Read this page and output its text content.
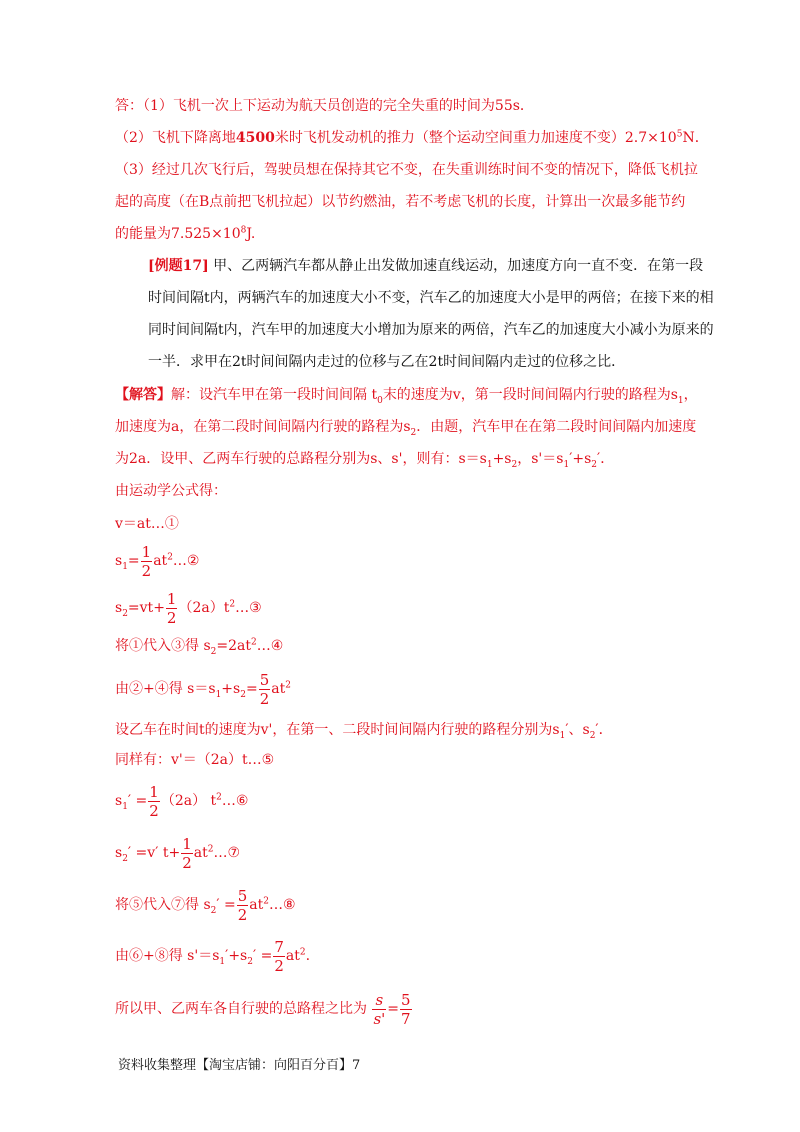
答：（1）飞机一次上下运动为航天员创造的完全失重的时间为55s．
（2）飞机下降离地4500米时飞机发动机的推力（整个运动空间重力加速度不变）$2.7\times 10^5N$．
（3）经过几次飞行后，驾驶员想在保持其它不变，在失重训练时间不变的情况下，降低飞机拉
起的高度（在B点前把飞机拉起）以节约燃油，若不考虑飞机的长度，计算出一次最多能节约
的能量为$7.525\times 10^8J$.
[例题17] 甲、乙两辆汽车都从静止出发做加速直线运动，加速度方向一直不变．在第一段
时间间隔t内，两辆汽车的加速度大小不变，汽车乙的加速度大小是甲的两倍；在接下来的相
同时间间隔t内，汽车甲的加速度大小增加为原来的两倍，汽车乙的加速度大小减小为原来的
一半．求甲在2t时间间隔内走过的位移与乙在2t时间间隔内走过的位移之比．
【解答】解：设汽车甲在第一段时间间隔 $t_0$末的速度为v，第一段时间间隔内行驶的路程为$s_1$，
加速度为a，在第二段时间间隔内行驶的路程为$s_2$．由题，汽车甲在在第二段时间间隔内加速度
为2a．设甲、乙两车行驶的总路程分别为s、s'，则有：$s=s_1+s_2$，$s'=s_1'+s_2'$．
由运动学公式得：
v＝at…①
$s_1= \frac{1}{2}$ $at^2\dots ②$
$s_2=vt+ \frac{1}{2}$ $(2a)t^2\dots ③$
将①代入③得 $s_2=2at^2\dots ④$
由②+④得 $s=s_1+s_2= \frac{5}{2} at^2$
设乙车在时间t的速度为v'，在第一、二段时间间隔内行驶的路程分别为$s_1'$、$s_2'$．
同样有：v'＝（2a）t…⑤
$s_1' = \frac{1}{2} (2a)$ $t^2\dots ⑥$
$s_2' =v'$ $t+ \frac{1}{2}$ $at^2\dots ⑦$
将⑤代入⑦得 $s_2' = \frac{5}{2}$ $at^2\dots ⑧$
由⑥+⑧得 $s'=s_1'+s_2' = \frac{7}{2} at^2$.
所以甲、乙两车各自行驶的总路程之比为 $\frac{s}{s'} = \frac{5}{7}$
资料收集整理【淘宝店铺：向阳百分百】7
